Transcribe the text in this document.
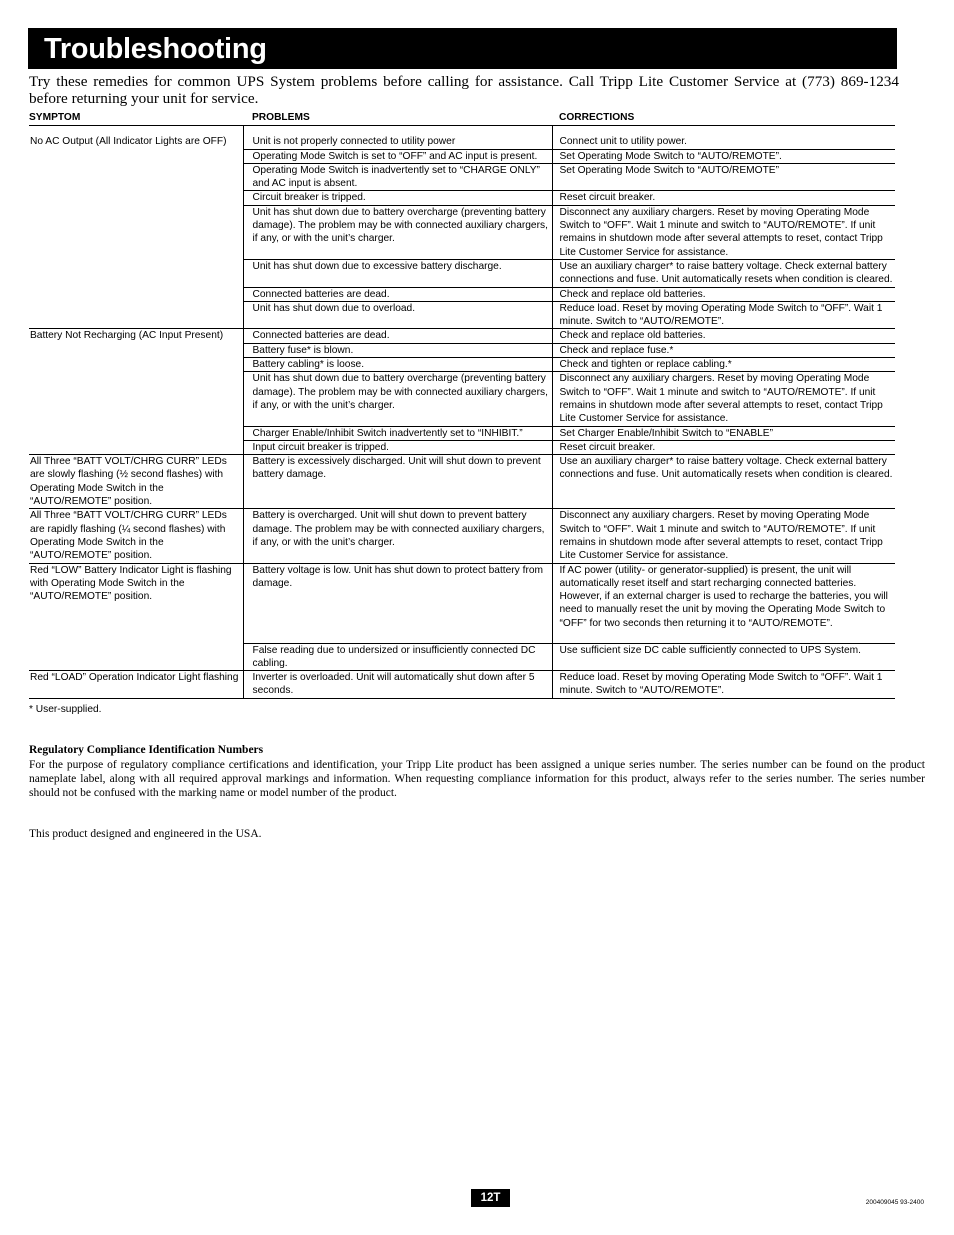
Troubleshooting
Try these remedies for common UPS System problems before calling for assistance. Call Tripp Lite Customer Service at (773) 869-1234 before returning your unit for service.
SYMPTOM	PROBLEMS	CORRECTIONS
No AC Output (All Indicator Lights are OFF)	Unit is not properly connected to utility power	Connect unit to utility power.
	Operating Mode Switch is set to “OFF” and AC input is present.	Set Operating Mode Switch to “AUTO/REMOTE”.
	Operating Mode Switch is inadvertently set to “CHARGE ONLY” and AC input is absent.	Set Operating Mode Switch to “AUTO/REMOTE”
	Circuit breaker is tripped.	Reset circuit breaker.
	Unit has shut down due to battery overcharge (preventing battery damage). The problem may be with connected auxiliary chargers, if any, or with the unit’s charger.	Disconnect any auxiliary chargers. Reset by moving Operating Mode Switch to “OFF”. Wait 1 minute and switch to “AUTO/REMOTE”. If unit remains in shutdown mode after several attempts to reset, contact Tripp Lite Customer Service for assistance.
	Unit has shut down due to excessive battery discharge.	Use an auxiliary charger* to raise battery voltage. Check external battery connections and fuse. Unit automatically resets when condition is cleared.
	Connected batteries are dead.	Check and replace old batteries.
	Unit has shut down due to overload.	Reduce load. Reset by moving Operating Mode Switch to “OFF”. Wait 1 minute. Switch to “AUTO/REMOTE”.
Battery Not Recharging (AC Input Present)	Connected batteries are dead.	Check and replace old batteries.
	Battery fuse* is blown.	Check and replace fuse.*
	Battery cabling* is loose.	Check and tighten or replace cabling.*
	Unit has shut down due to battery overcharge (preventing battery damage). The problem may be with connected auxiliary chargers, if any, or with the unit’s charger.	Disconnect any auxiliary chargers. Reset by moving Operating Mode Switch to “OFF”. Wait 1 minute and switch to “AUTO/REMOTE”. If unit remains in shutdown mode after several attempts to reset, contact Tripp Lite Customer Service for assistance.
	Charger Enable/Inhibit Switch inadvertently set to “INHIBIT.”	Set Charger Enable/Inhibit Switch to “ENABLE”
	Input circuit breaker is tripped.	Reset circuit breaker.
All Three “BATT VOLT/CHRG CURR” LEDs are slowly flashing (½ second flashes) with Operating Mode Switch in the “AUTO/REMOTE” position.	Battery is excessively discharged. Unit will shut down to prevent battery damage.	Use an auxiliary charger* to raise battery voltage. Check external battery connections and fuse. Unit automatically resets when condition is cleared.
All Three “BATT VOLT/CHRG CURR” LEDs are rapidly flashing (¼ second flashes) with Operating Mode Switch in the “AUTO/REMOTE” position.	Battery is overcharged. Unit will shut down to prevent battery damage. The problem may be with connected auxiliary chargers, if any, or with the unit’s charger.	Disconnect any auxiliary chargers. Reset by moving Operating Mode Switch to “OFF”. Wait 1 minute and switch to “AUTO/REMOTE”. If unit remains in shutdown mode after several attempts to reset, contact Tripp Lite Customer Service for assistance.
Red “LOW” Battery Indicator Light is flashing with Operating Mode Switch in the “AUTO/REMOTE” position.	Battery voltage is low. Unit has shut down to protect battery from damage.	If AC power (utility- or generator-supplied) is present, the unit will automatically reset itself and start recharging connected batteries. However, if an external charger is used to recharge the batteries, you will need to manually reset the unit by moving the Operating Mode Switch to “OFF” for two seconds then returning it to “AUTO/REMOTE”.
	False reading due to undersized or insufficiently connected DC cabling.	Use sufficient size DC cable sufficiently connected to UPS System.
Red “LOAD” Operation Indicator Light flashing	Inverter is overloaded. Unit will automatically shut down after 5 seconds.	Reduce load. Reset by moving Operating Mode Switch to “OFF”. Wait 1 minute. Switch to “AUTO/REMOTE”.
* User-supplied.
Regulatory Compliance Identification Numbers
For the purpose of regulatory compliance certifications and identification, your Tripp Lite product has been assigned a unique series number. The series number can be found on the product nameplate label, along with all required approval markings and information. When requesting compliance information for this product, always refer to the series number. The series number should not be confused with the marking name or model number of the product.
This product designed and engineered in the USA.
12T	200409045 93-2400
